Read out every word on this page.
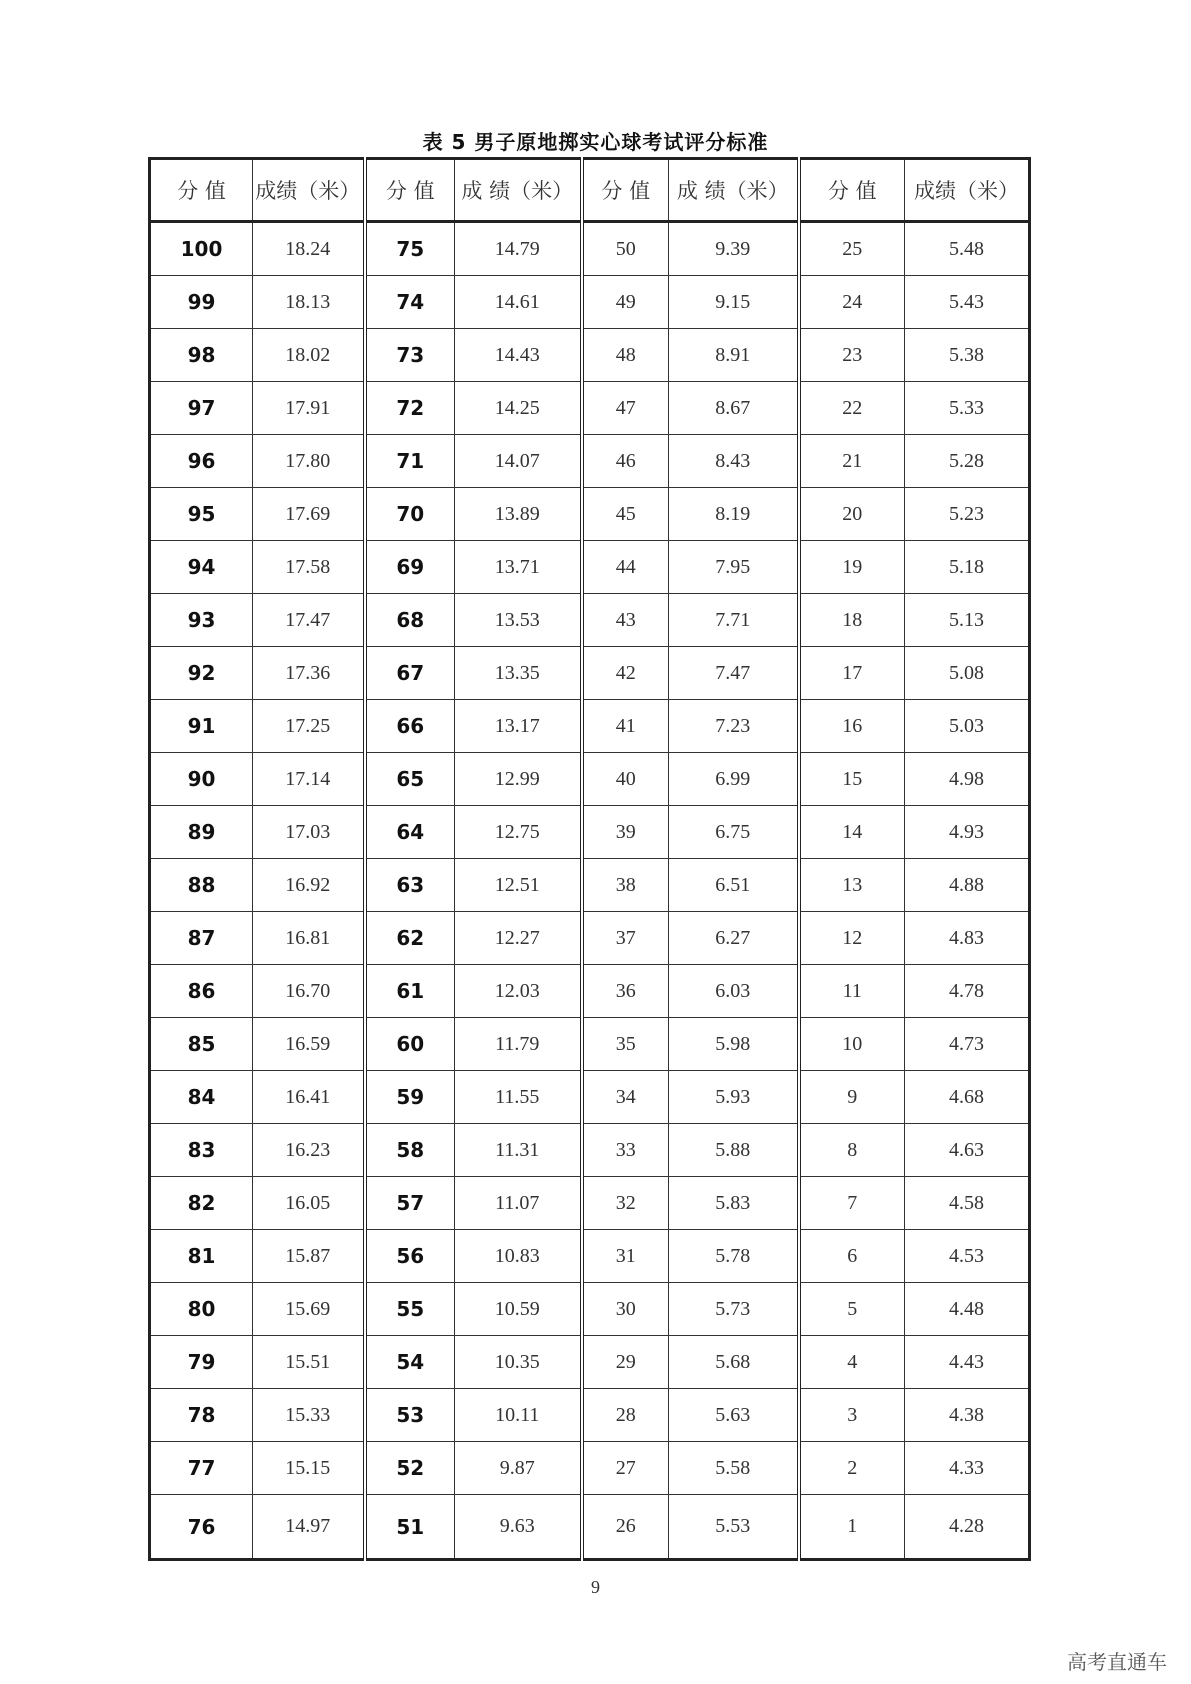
表 5 男子原地掷实心球考试评分标准
分 值	成绩（米）	分 值	成 绩（米）	分 值	成 绩（米）	分 值	成绩（米）
100	18.24	75	14.79	50	9.39	25	5.48
99	18.13	74	14.61	49	9.15	24	5.43
98	18.02	73	14.43	48	8.91	23	5.38
97	17.91	72	14.25	47	8.67	22	5.33
96	17.80	71	14.07	46	8.43	21	5.28
95	17.69	70	13.89	45	8.19	20	5.23
94	17.58	69	13.71	44	7.95	19	5.18
93	17.47	68	13.53	43	7.71	18	5.13
92	17.36	67	13.35	42	7.47	17	5.08
91	17.25	66	13.17	41	7.23	16	5.03
90	17.14	65	12.99	40	6.99	15	4.98
89	17.03	64	12.75	39	6.75	14	4.93
88	16.92	63	12.51	38	6.51	13	4.88
87	16.81	62	12.27	37	6.27	12	4.83
86	16.70	61	12.03	36	6.03	11	4.78
85	16.59	60	11.79	35	5.98	10	4.73
84	16.41	59	11.55	34	5.93	9	4.68
83	16.23	58	11.31	33	5.88	8	4.63
82	16.05	57	11.07	32	5.83	7	4.58
81	15.87	56	10.83	31	5.78	6	4.53
80	15.69	55	10.59	30	5.73	5	4.48
79	15.51	54	10.35	29	5.68	4	4.43
78	15.33	53	10.11	28	5.63	3	4.38
77	15.15	52	9.87	27	5.58	2	4.33
76	14.97	51	9.63	26	5.53	1	4.28
9
高考直通车
